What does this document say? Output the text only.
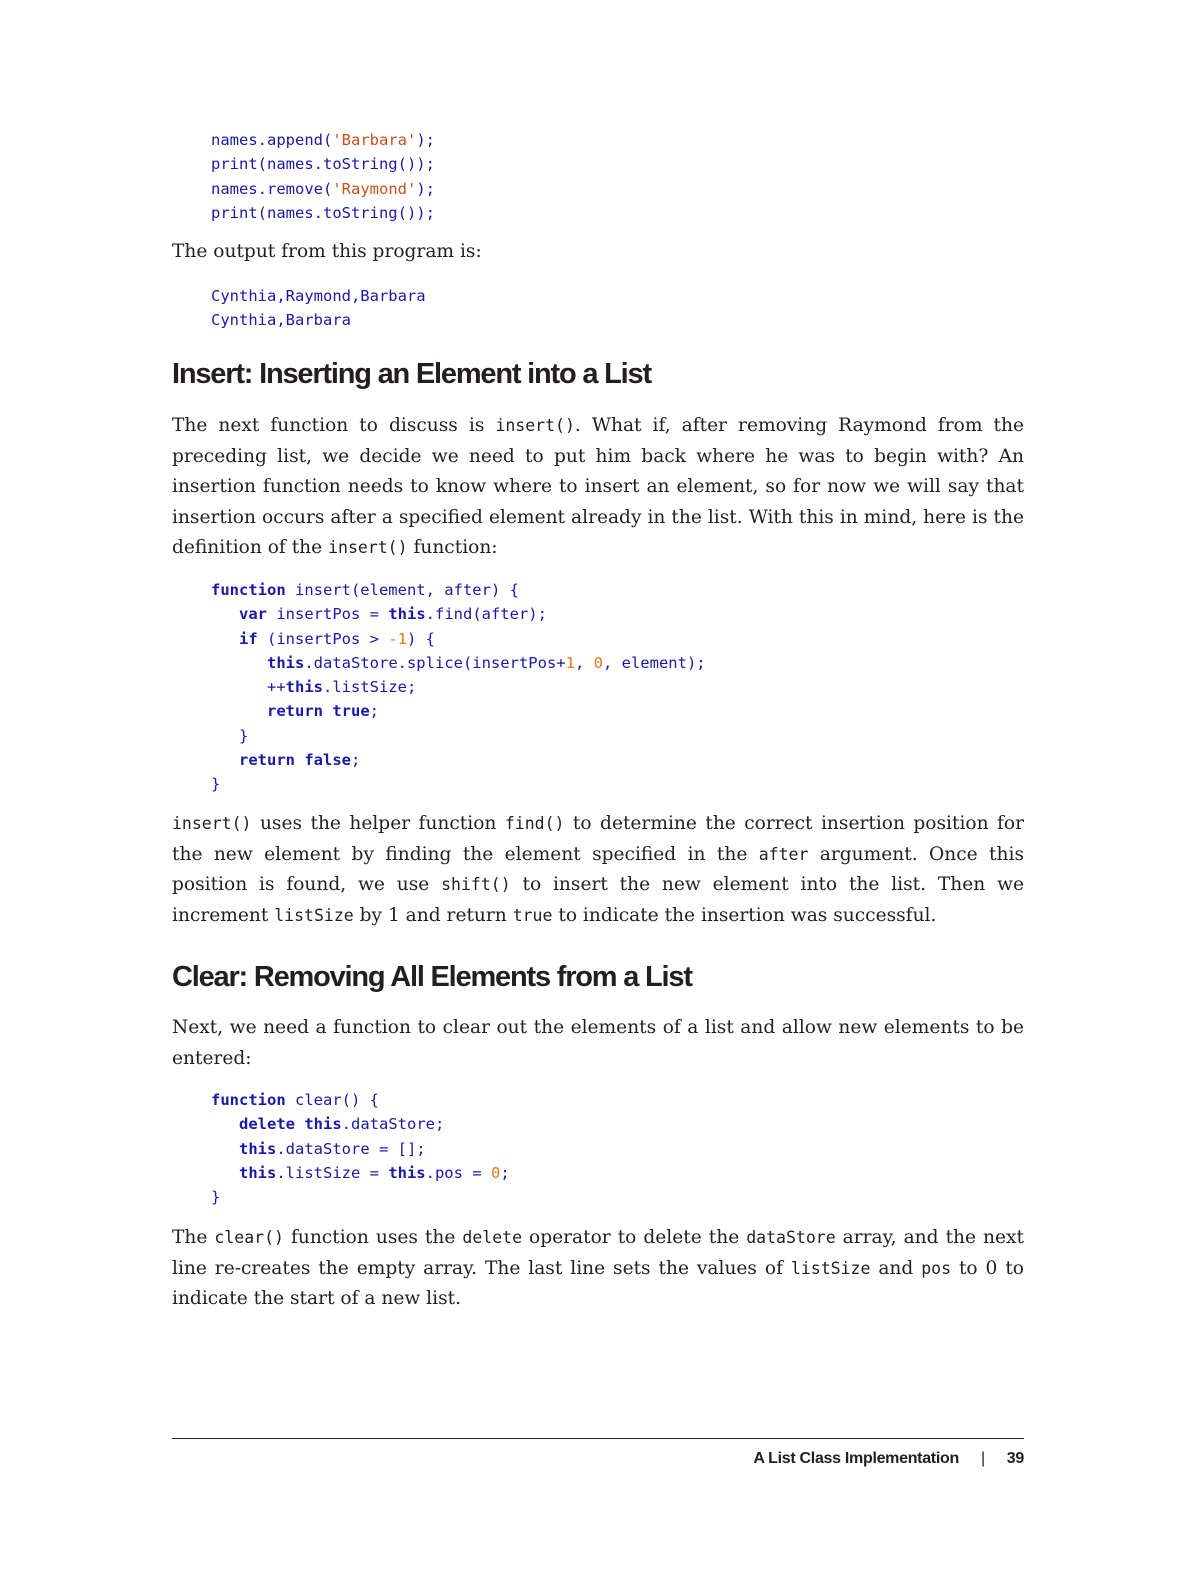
names.append('Barbara');
print(names.toString());
names.remove('Raymond');
print(names.toString());

The output from this program is:

Cynthia,Raymond,Barbara
Cynthia,Barbara
Insert: Inserting an Element into a List

The next function to discuss is insert(). What if, after removing Raymond from the preceding list, we decide we need to put him back where he was to begin with? An insertion function needs to know where to insert an element, so for now we will say that insertion occurs after a specified element already in the list. With this in mind, here is the definition of the insert() function:

function insert(element, after) {
var insertPos = this.find(after);
if (insertPos > -1) {
this.dataStore.splice(insertPos+1, 0, element);
++this.listSize;
return true;
}
return false;
}

insert() uses the helper function find() to determine the correct insertion position for the new element by finding the element specified in the after argument. Once this position is found, we use shift() to insert the new element into the list. Then we increment listSize by 1 and return true to indicate the insertion was successful.

Clear: Removing All Elements from a List

Next, we need a function to clear out the elements of a list and allow new elements to be entered:

function clear() {
delete this.dataStore;
this.dataStore = [];
this.listSize = this.pos = 0;
}

The clear() function uses the delete operator to delete the dataStore array, and the next line re-creates the empty array. The last line sets the values of listSize and pos to 0 to indicate the start of a new list.

A List Class Implementation | 39
